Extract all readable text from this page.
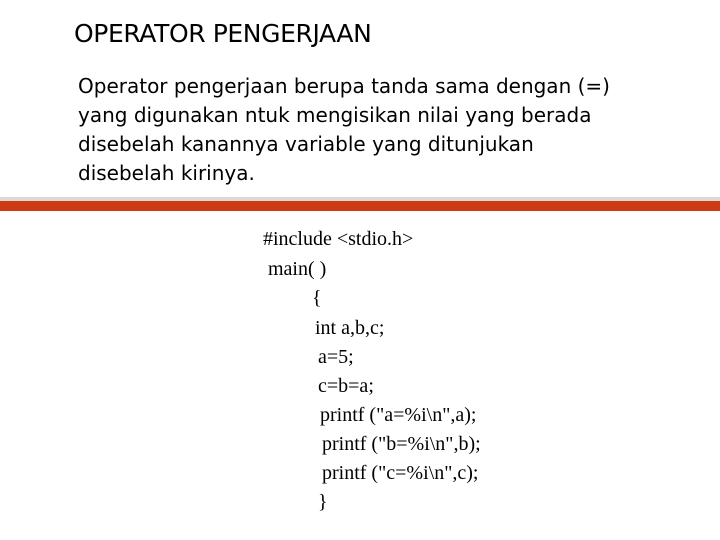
OPERATOR PENGERJAAN
Operator pengerjaan berupa tanda sama dengan (=)
yang digunakan ntuk mengisikan nilai yang berada
disebelah kanannya variable yang ditunjukan
disebelah kirinya.
#include <stdio.h>
main( )
{
int a,b,c;
a=5;
c=b=a;
printf ("a=%i\n",a);
printf ("b=%i\n",b);
printf ("c=%i\n",c);
}
